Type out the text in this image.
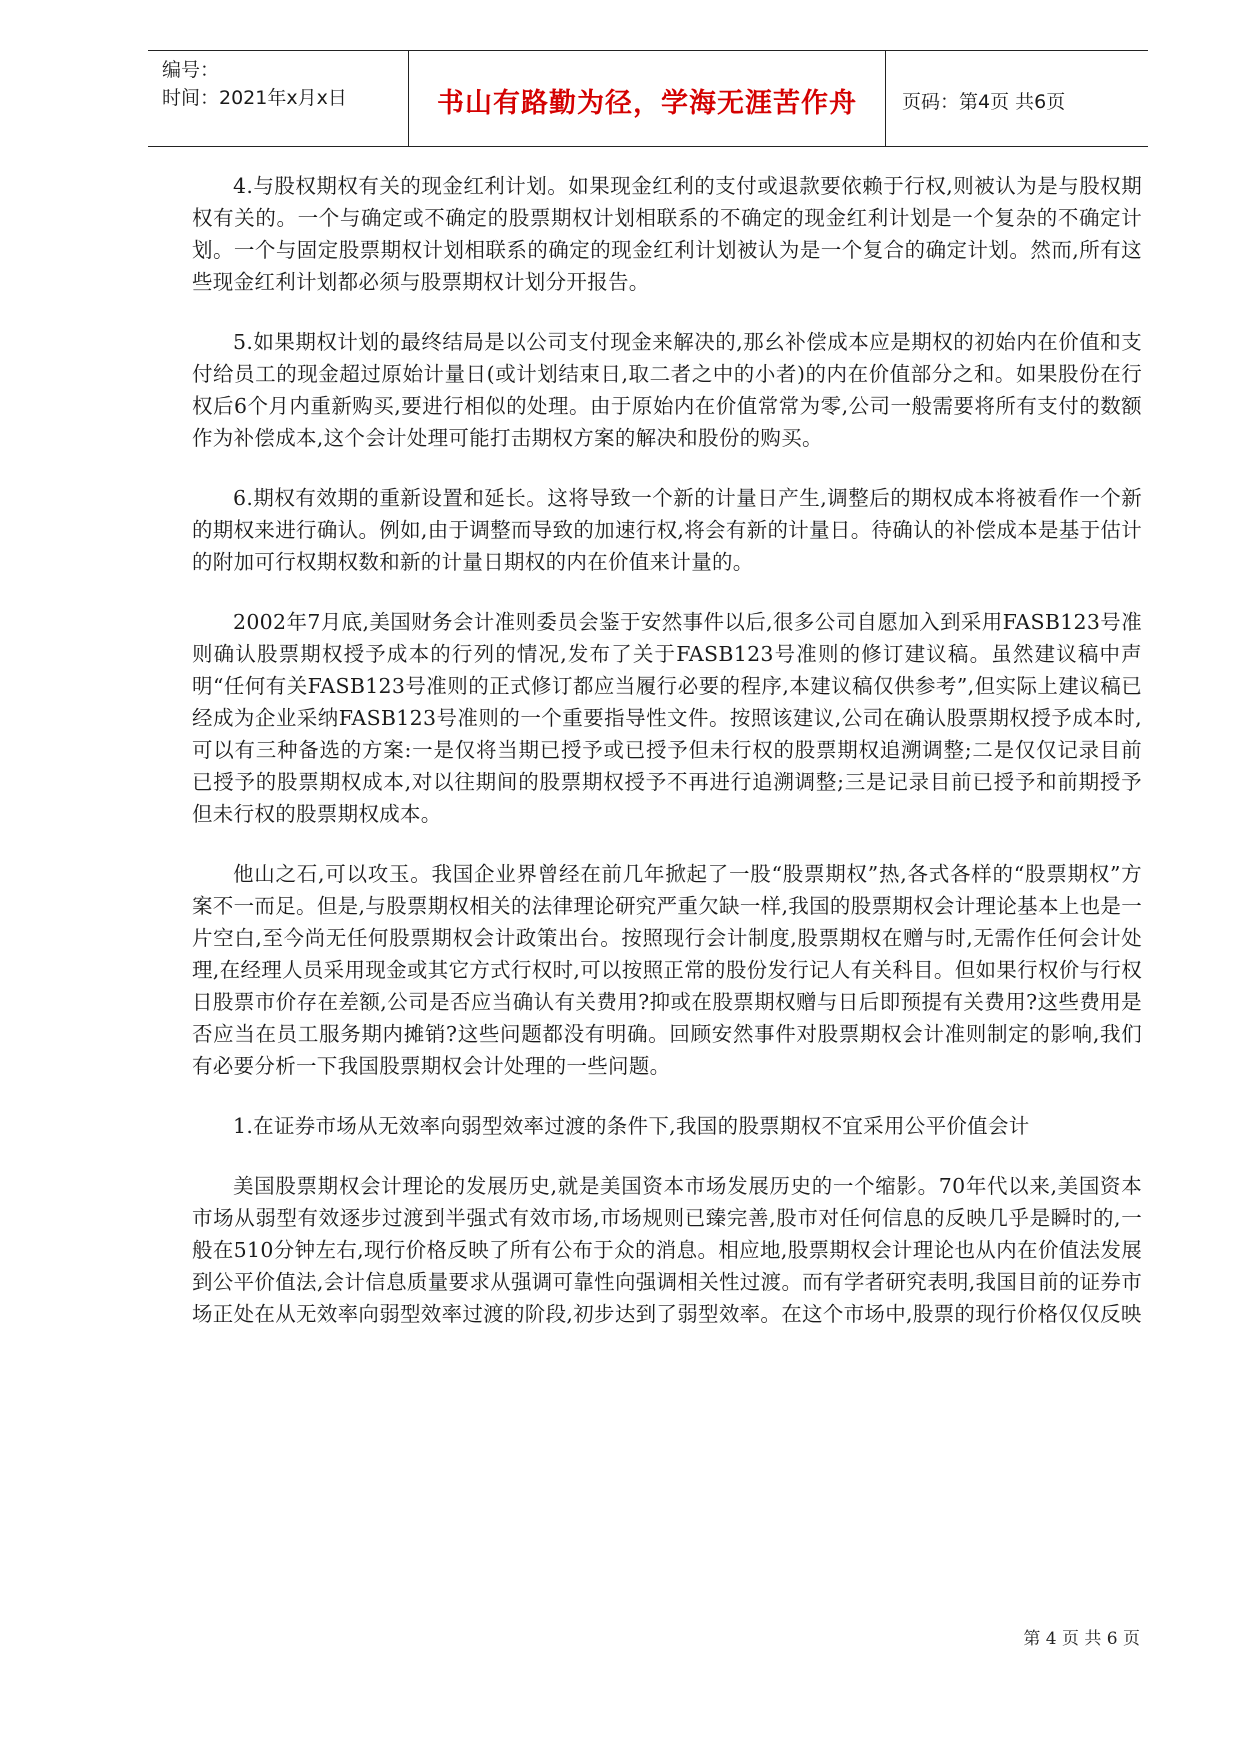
编号：
时间：2021年x月x日	书山有路勤为径，学海无涯苦作舟	页码：第4页 共6页

4.与股权期权有关的现金红利计划。如果现金红利的支付或退款要依赖于行权,则被认为是与股权期权有关的。一个与确定或不确定的股票期权计划相联系的不确定的现金红利计划是一个复杂的不确定计划。一个与固定股票期权计划相联系的确定的现金红利计划被认为是一个复合的确定计划。然而,所有这些现金红利计划都必须与股票期权计划分开报告。

5.如果期权计划的最终结局是以公司支付现金来解决的,那幺补偿成本应是期权的初始内在价值和支付给员工的现金超过原始计量日(或计划结束日,取二者之中的小者)的内在价值部分之和。如果股份在行权后6个月内重新购买,要进行相似的处理。由于原始内在价值常常为零,公司一般需要将所有支付的数额作为补偿成本,这个会计处理可能打击期权方案的解决和股份的购买。

6.期权有效期的重新设置和延长。这将导致一个新的计量日产生,调整后的期权成本将被看作一个新的期权来进行确认。例如,由于调整而导致的加速行权,将会有新的计量日。待确认的补偿成本是基于估计的附加可行权期权数和新的计量日期权的内在价值来计量的。

2002年7月底,美国财务会计准则委员会鉴于安然事件以后,很多公司自愿加入到采用FASB123号准则确认股票期权授予成本的行列的情况,发布了关于FASB123号准则的修订建议稿。虽然建议稿中声明“任何有关FASB123号准则的正式修订都应当履行必要的程序,本建议稿仅供参考”,但实际上建议稿已经成为企业采纳FASB123号准则的一个重要指导性文件。按照该建议,公司在确认股票期权授予成本时,可以有三种备选的方案:一是仅将当期已授予或已授予但未行权的股票期权追溯调整;二是仅仅记录目前已授予的股票期权成本,对以往期间的股票期权授予不再进行追溯调整;三是记录目前已授予和前期授予但未行权的股票期权成本。

他山之石,可以攻玉。我国企业界曾经在前几年掀起了一股“股票期权”热,各式各样的“股票期权”方案不一而足。但是,与股票期权相关的法律理论研究严重欠缺一样,我国的股票期权会计理论基本上也是一片空白,至今尚无任何股票期权会计政策出台。按照现行会计制度,股票期权在赠与时,无需作任何会计处理,在经理人员采用现金或其它方式行权时,可以按照正常的股份发行记人有关科目。但如果行权价与行权日股票市价存在差额,公司是否应当确认有关费用?抑或在股票期权赠与日后即预提有关费用?这些费用是否应当在员工服务期内摊销?这些问题都没有明确。回顾安然事件对股票期权会计准则制定的影响,我们有必要分析一下我国股票期权会计处理的一些问题。

1.在证券市场从无效率向弱型效率过渡的条件下,我国的股票期权不宜采用公平价值会计

美国股票期权会计理论的发展历史,就是美国资本市场发展历史的一个缩影。70年代以来,美国资本市场从弱型有效逐步过渡到半强式有效市场,市场规则已臻完善,股市对任何信息的反映几乎是瞬时的,一般在510分钟左右,现行价格反映了所有公布于众的消息。相应地,股票期权会计理论也从内在价值法发展到公平价值法,会计信息质量要求从强调可靠性向强调相关性过渡。而有学者研究表明,我国目前的证券市场正处在从无效率向弱型效率过渡的阶段,初步达到了弱型效率。在这个市场中,股票的现行价格仅仅反映

第 4 页 共 6 页
